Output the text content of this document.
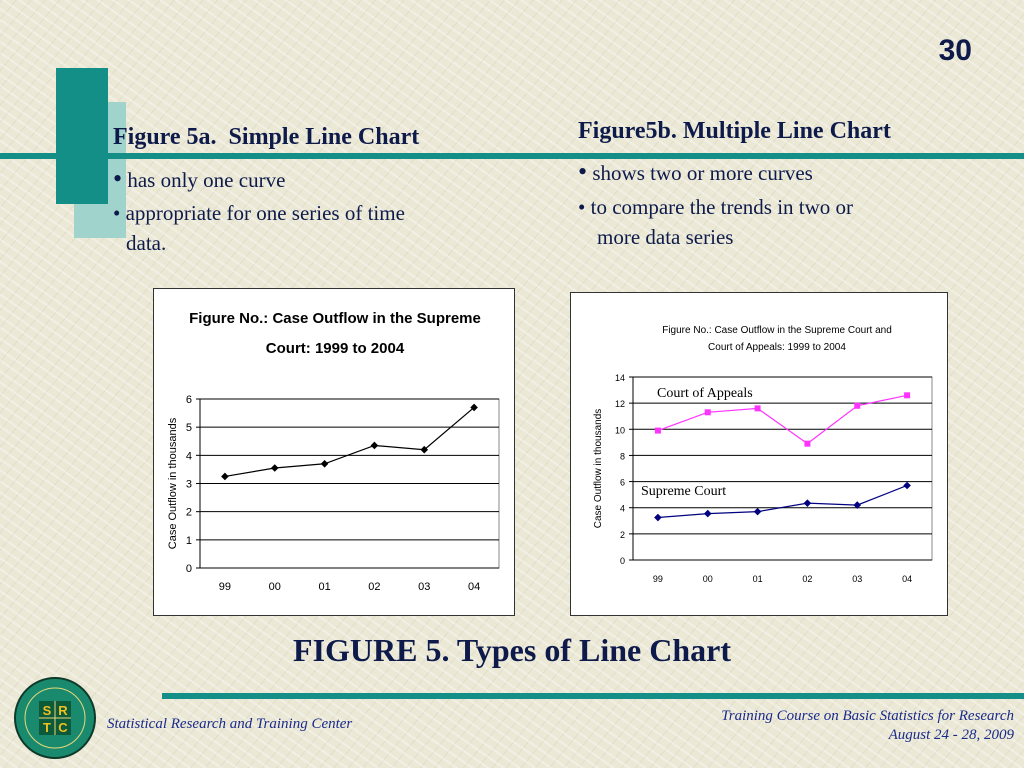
30
Figure 5a.  Simple Line Chart
• has only one curve
• appropriate for one series of time
data.
Figure5b. Multiple Line Chart
• shows two or more curves
• to compare the trends in two or
more data series
Figure No.: Case Outflow in the Supreme
Court: 1999 to 2004
0
1
2
3
4
5
6
99	00	01	02	03	04
Case Outflow in thousands
Figure No.: Case Outflow in the Supreme Court and
Court of Appeals: 1999 to 2004
0
2
4
6
8
10
12
14
99	00	01	02	03	04
Case Outflow in thousands
Court of Appeals
Supreme Court
FIGURE 5. Types of Line Chart
S R
T C	Statistical Research and Training Center	Training Course on Basic Statistics for Research
August 24 - 28, 2009
